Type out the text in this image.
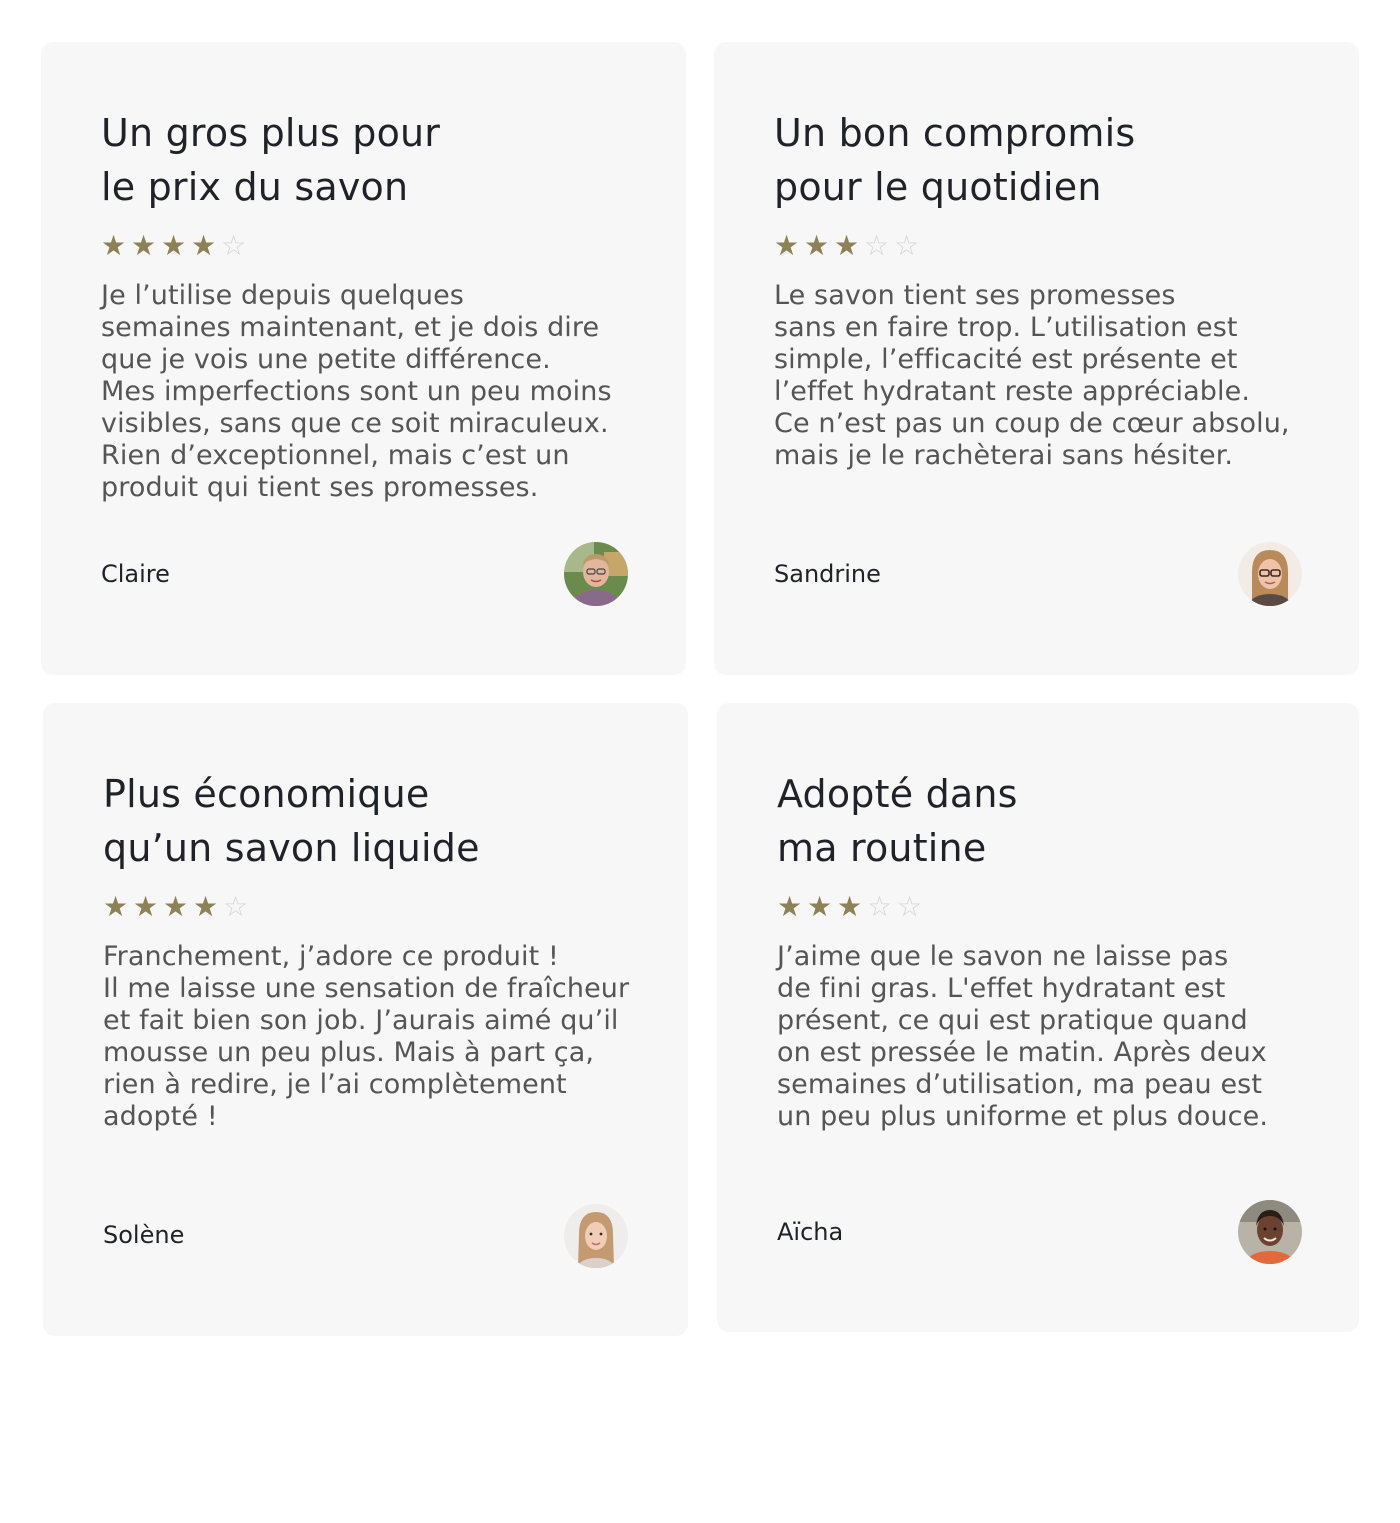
Un gros plus pour
le prix du savon
★ ★ ★ ★ ☆

Je l’utilise depuis quelques
semaines maintenant, et je dois dire
que je vois une petite différence.
Mes imperfections sont un peu moins
visibles, sans que ce soit miraculeux.
Rien d’exceptionnel, mais c’est un
produit qui tient ses promesses.

Claire
Un bon compromis
pour le quotidien
★ ★ ★ ☆ ☆

Le savon tient ses promesses
sans en faire trop. L’utilisation est
simple, l’efficacité est présente et
l’effet hydratant reste appréciable.
Ce n’est pas un coup de cœur absolu,
mais je le rachèterai sans hésiter.

Sandrine
Plus économique
qu’un savon liquide
★ ★ ★ ★ ☆

Franchement, j’adore ce produit !
Il me laisse une sensation de fraîcheur
et fait bien son job. J’aurais aimé qu’il
mousse un peu plus. Mais à part ça,
rien à redire, je l’ai complètement
adopté !

Solène
Adopté dans
ma routine
★ ★ ★ ☆ ☆

J’aime que le savon ne laisse pas
de fini gras. L'effet hydratant est
présent, ce qui est pratique quand
on est pressée le matin. Après deux
semaines d’utilisation, ma peau est
un peu plus uniforme et plus douce.

Aïcha
